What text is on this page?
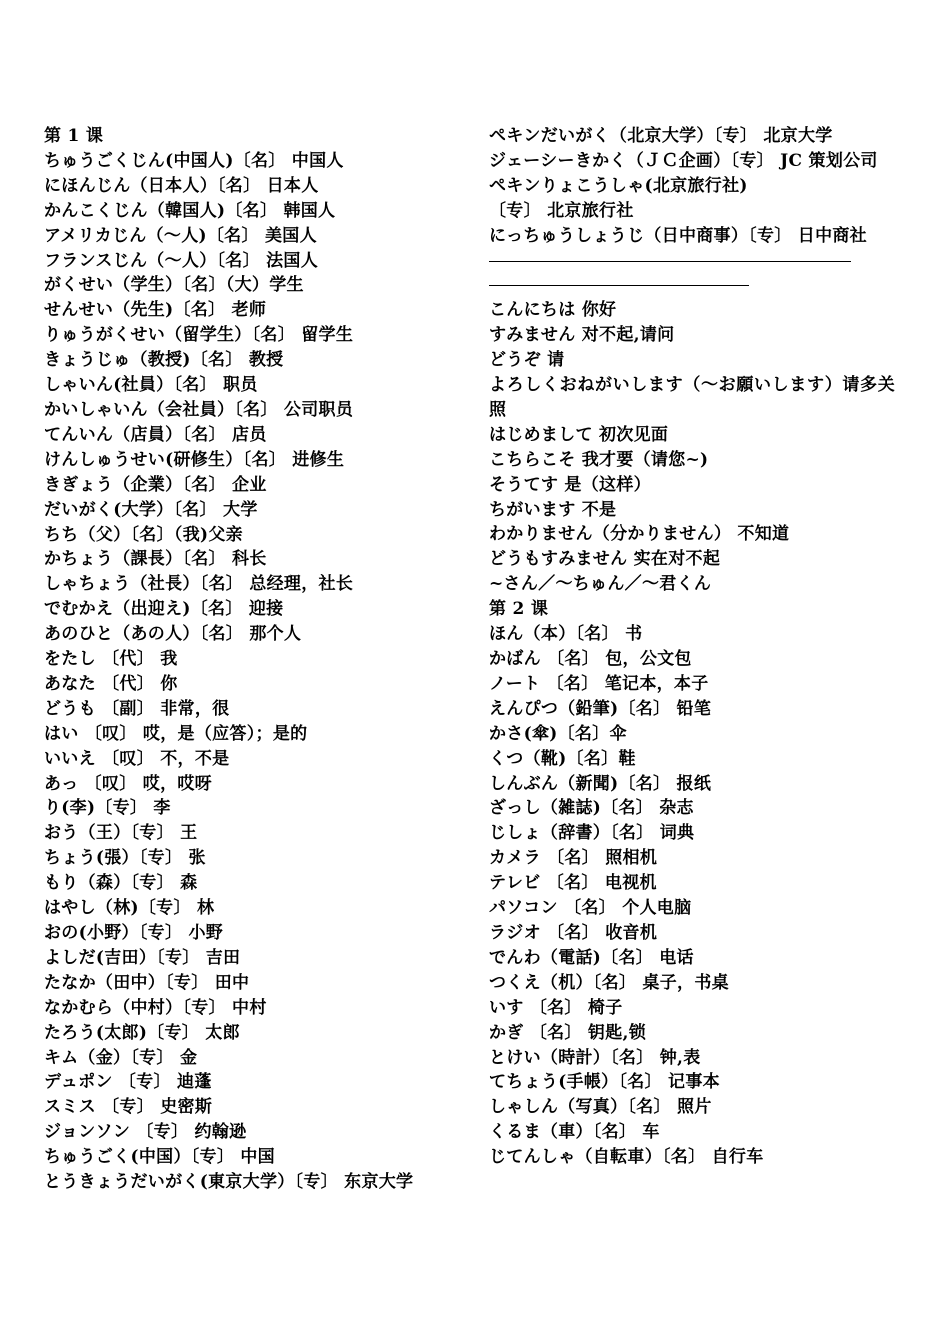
第 1 课
ちゅうごくじん(中国人)〔名〕 中国人
にほんじん（日本人）〔名〕 日本人
かんこくじん（韓国人)〔名〕 韩国人
アメリカじん（～人)〔名〕 美国人
フランスじん（～人）〔名〕 法国人
がくせい（学生）〔名〕（大）学生
せんせい（先生)〔名〕 老师
りゅうがくせい（留学生）〔名〕 留学生
きょうじゅ（教授)〔名〕 教授
しゃいん(社員）〔名〕 职员
かいしゃいん（会社員）〔名〕 公司职员
てんいん（店員）〔名〕 店员
けんしゅうせい(研修生）〔名〕 进修生
きぎょう（企業）〔名〕 企业
だいがく(大学）〔名〕 大学
ちち（父）〔名〕（我)父亲
かちょう（課長）〔名〕 科长
しゃちょう（社長）〔名〕 总经理，社长
でむかえ（出迎え)〔名〕 迎接
あのひと（あの人）〔名〕 那个人
をたし 〔代〕 我
あなた 〔代〕 你
どうも 〔副〕 非常，很
はい 〔叹〕 哎，是（应答）；是的
いいえ 〔叹〕 不，不是
あっ 〔叹〕 哎，哎呀
り(李)〔专〕 李
おう（王）〔专〕 王
ちょう(張）〔专〕 张
もり（森）〔专〕 森
はやし（林)〔专〕 林
おの(小野）〔专〕 小野
よしだ(吉田）〔专〕 吉田
たなか（田中）〔专〕 田中
なかむら（中村）〔专〕 中村
たろう(太郎)〔专〕 太郎
キム（金）〔专〕 金
デュポン 〔专〕 迪蓬
スミス 〔专〕 史密斯
ジョンソン 〔专〕 约翰逊
ちゅうごく(中国）〔专〕 中国
とうきょうだいがく(東京大学）〔专〕 东京大学
ペキンだいがく（北京大学）〔专〕 北京大学
ジェーシーきかく（ＪＣ企画）〔专〕 JC 策划公司
ペキンりょこうしゃ(北京旅行社)
〔专〕 北京旅行社
にっちゅうしょうじ（日中商事）〔专〕 日中商社
こんにちは 你好
すみません 对不起,请问
どうぞ 请
よろしくおねがいします（～お願いします）请多关照
はじめまして 初次见面
こちらこそ 我才要（请您~)
そうてす 是（这样）
ちがいます 不是
わかりません（分かりません） 不知道
どうもすみません 实在对不起
~さん／～ちゅん／～君くん
第 2 课
ほん（本）〔名〕 书
かばん 〔名〕 包，公文包
ノート 〔名〕 笔记本，本子
えんぴつ（鉛筆)〔名〕 铅笔
かさ(傘)〔名〕伞
くつ（靴)〔名〕鞋
しんぶん（新聞)〔名〕 报纸
ざっし（雑誌)〔名〕 杂志
じしょ（辞書）〔名〕 词典
カメラ 〔名〕 照相机
テレビ 〔名〕 电视机
パソコン 〔名〕 个人电脑
ラジオ 〔名〕 收音机
でんわ（電話)〔名〕 电话
つくえ（机）〔名〕 桌子，书桌
いす 〔名〕 椅子
かぎ 〔名〕 钥匙,锁
とけい（時計）〔名〕 钟,表
てちょう(手帳）〔名〕 记事本
しゃしん（写真）〔名〕 照片
くるま（車）〔名〕 车
じてんしゃ（自転車）〔名〕 自行车
